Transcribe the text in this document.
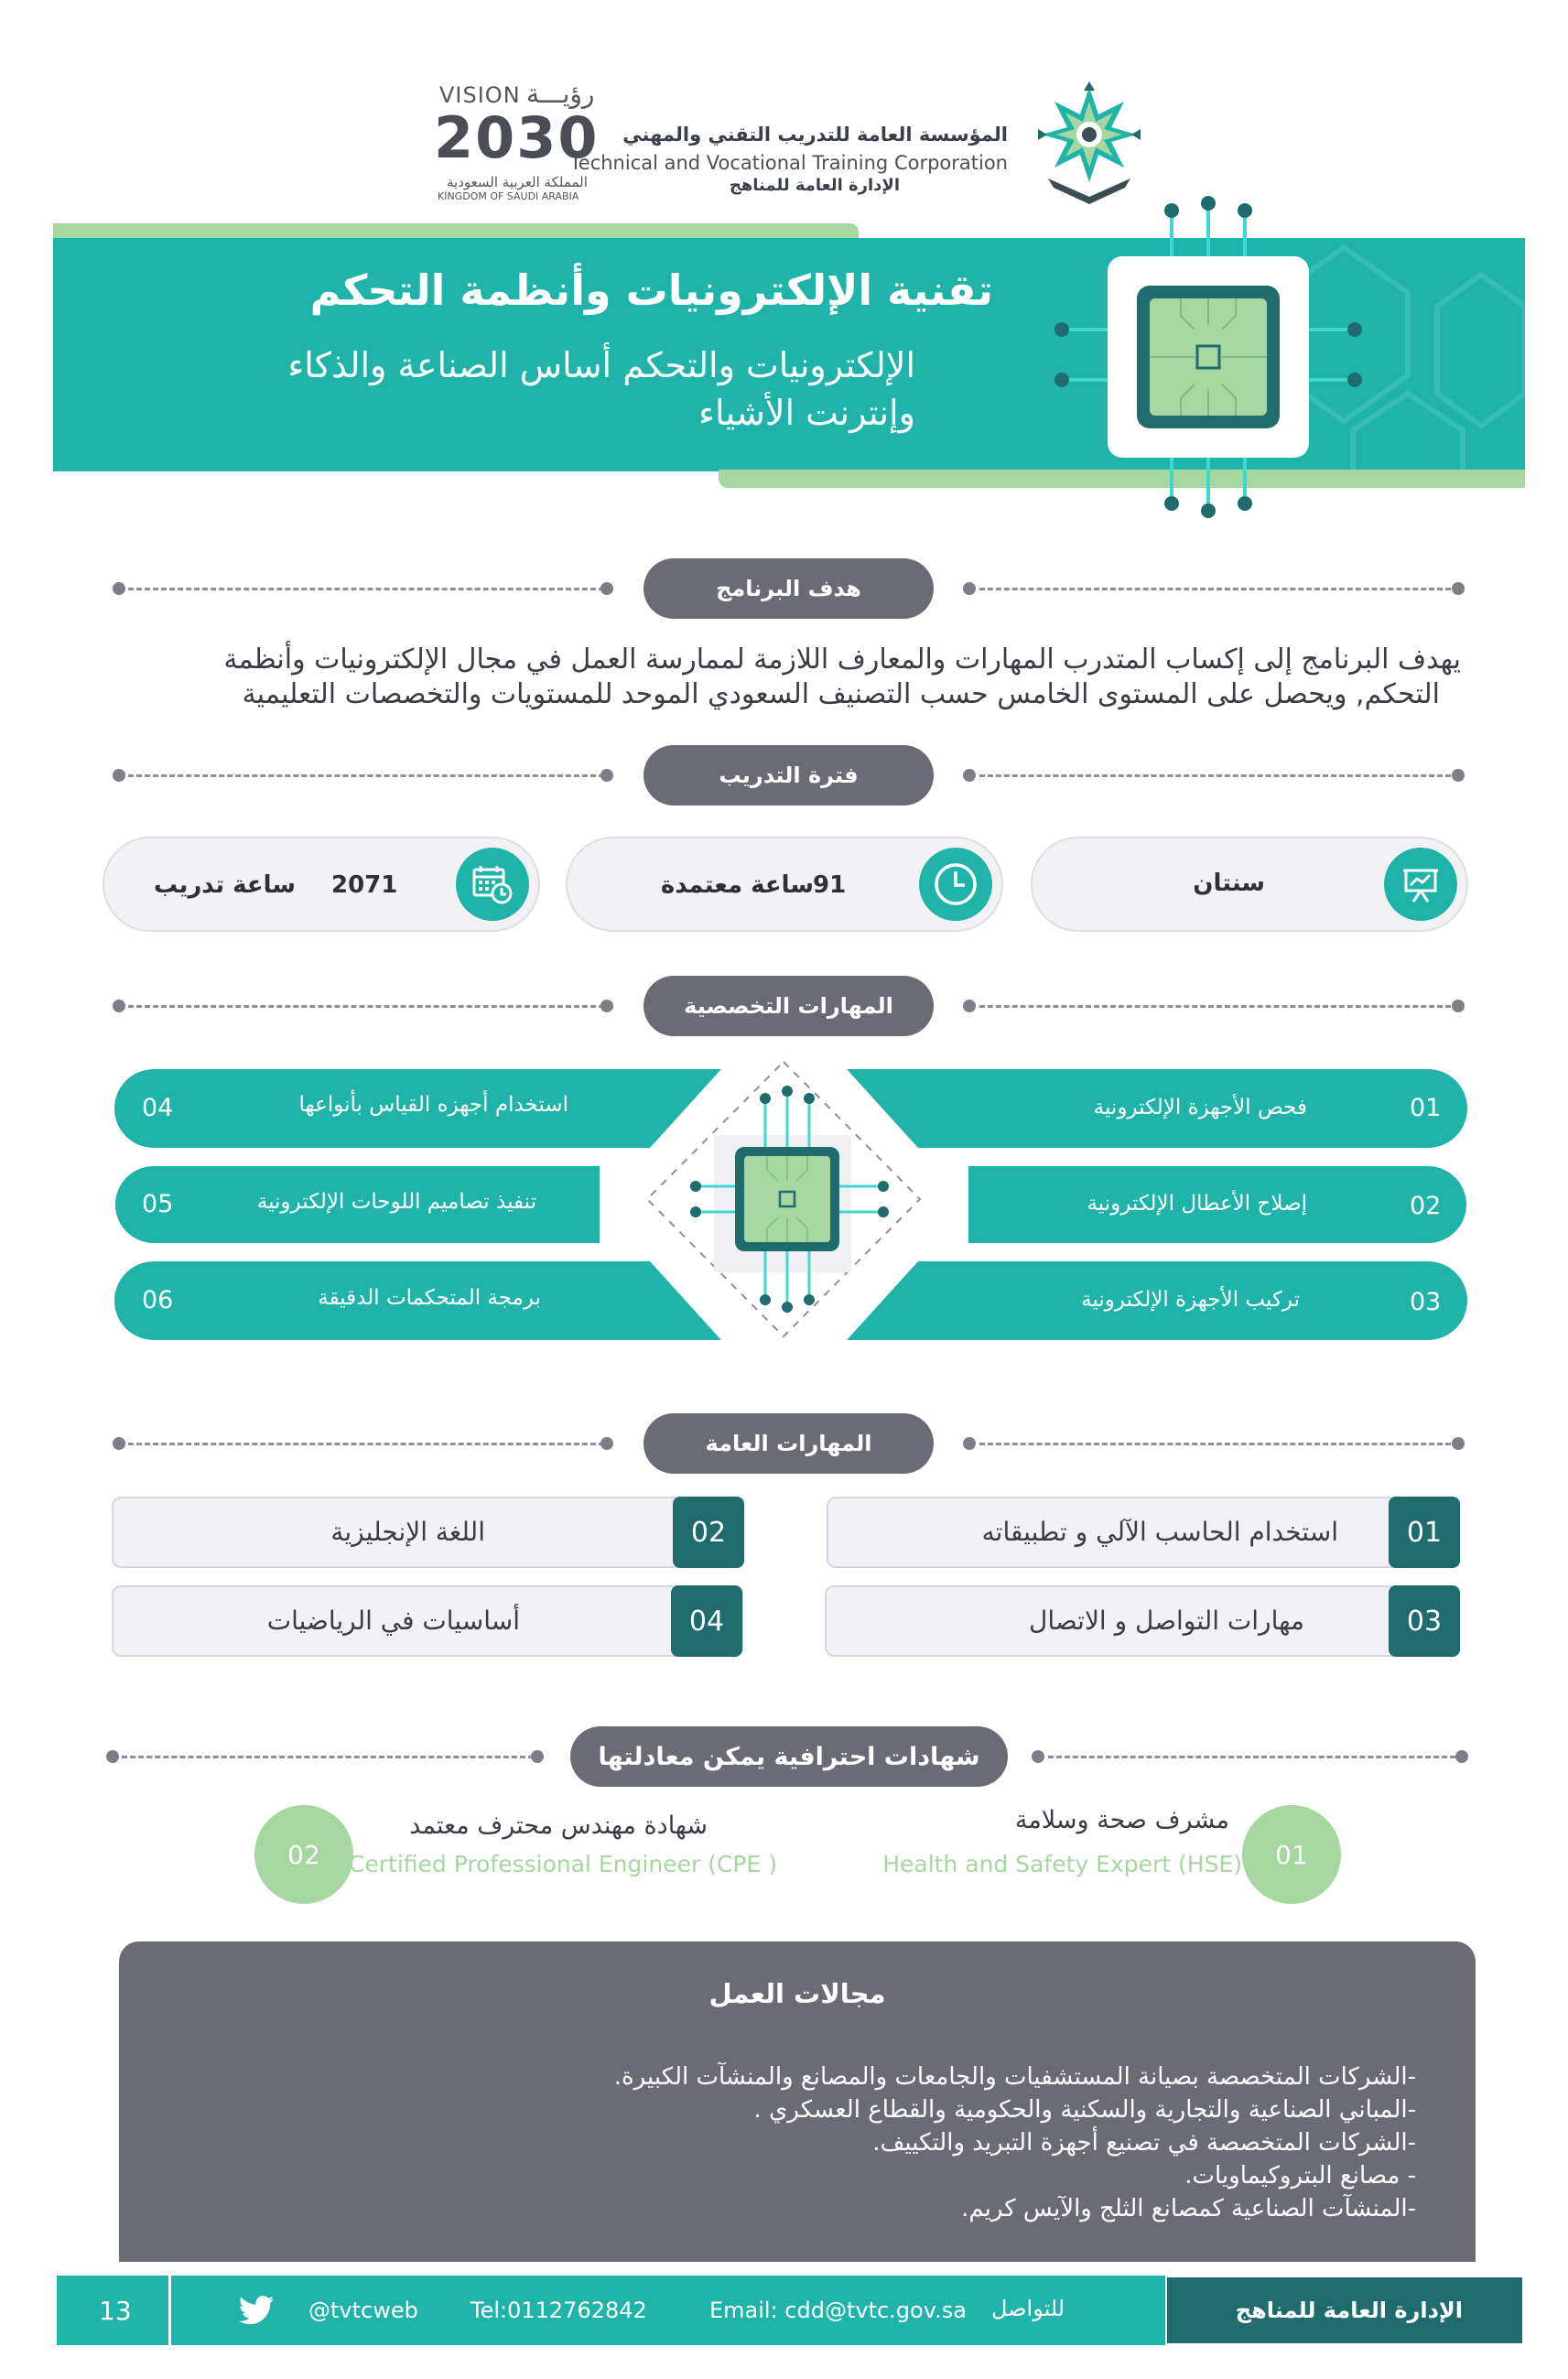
VISION رؤيـــة
2030
المملكة العربية السعودية
KINGDOM OF SAUDI ARABIA
المؤسسة العامة للتدريب التقني والمهني
Technical and Vocational Training Corporation
الإدارة العامة للمناهج
تقنية الإلكترونيات وأنظمة التحكم
الإلكترونيات والتحكم أساس الصناعة والذكاء
وإنترنت الأشياء
هدف البرنامج
يهدف البرنامج إلى إكساب المتدرب المهارات والمعارف اللازمة لممارسة العمل في مجال الإلكترونيات وأنظمة
التحكم, ويحصل على المستوى الخامس حسب التصنيف السعودي الموحد للمستويات والتخصصات التعليمية
فترة التدريب
سنتان
ساعة معتمدة 91
2071
ساعة تدريب
المهارات التخصصية
01
فحص الأجهزة الإلكترونية
02
إصلاح الأعطال الإلكترونية
03
تركيب الأجهزة الإلكترونية
04	استخدام أجهزه القياس بأنواعها
05	تنفيذ تصاميم اللوحات الإلكترونية
06	برمجة المتحكمات الدقيقة
المهارات العامة
استخدام الحاسب الآلي و تطبيقاته	01
اللغة الإنجليزية	02
مهارات التواصل و الاتصال	03
أساسيات في الرياضيات	04
شهادات احترافية يمكن معادلتها
01
مشرف صحة وسلامة
Health and Safety Expert (HSE)
02
شهادة مهندس محترف معتمد
Certified Professional Engineer (CPE )
مجالات العمل
-الشركات المتخصصة بصيانة المستشفيات والجامعات والمصانع والمنشآت الكبيرة.
-المباني الصناعية والتجارية والسكنية والحكومية والقطاع العسكري .
-الشركات المتخصصة في تصنيع أجهزة التبريد والتكييف.
- مصانع البتروكيماويات.
-المنشآت الصناعية كمصانع الثلج والآيس كريم.
13	@tvtcweb Tel:0112762842	Email: cdd@tvtc.gov.sa للتواصل	الإدارة العامة للمناهج
